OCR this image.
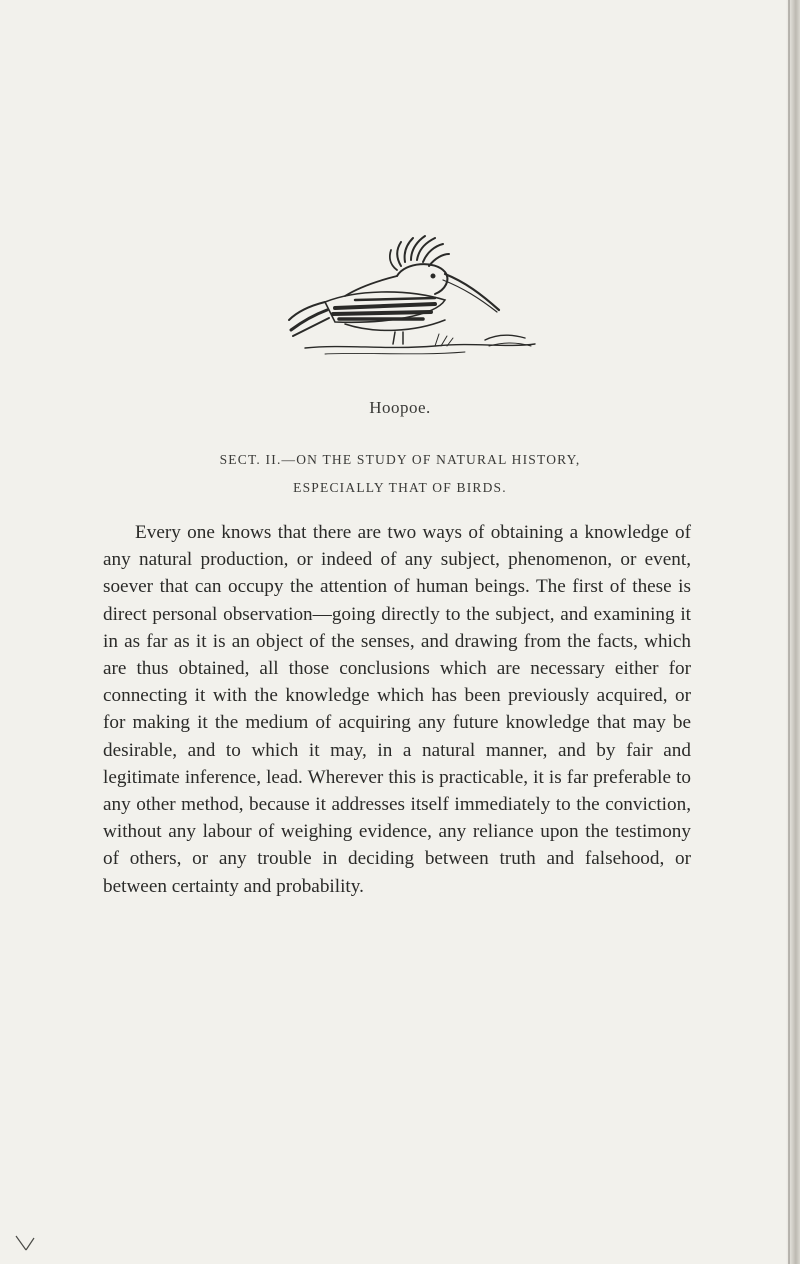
Hoopoe.
SECT. II.—ON THE STUDY OF NATURAL HISTORY,
ESPECIALLY THAT OF BIRDS.

Every one knows that there are two ways of obtaining a knowledge of any natural production, or indeed of any subject, phenomenon, or event, soever that can occupy the attention of human beings. The first of these is direct personal observation—going directly to the subject, and examining it in as far as it is an object of the senses, and drawing from the facts, which are thus obtained, all those conclusions which are necessary either for connecting it with the knowledge which has been previously acquired, or for making it the medium of acquiring any future knowledge that may be desirable, and to which it may, in a natural manner, and by fair and legitimate inference, lead. Wherever this is practicable, it is far preferable to any other method, because it addresses itself immediately to the conviction, without any labour of weighing evidence, any reliance upon the testimony of others, or any trouble in deciding between truth and falsehood, or between certainty and probability.
